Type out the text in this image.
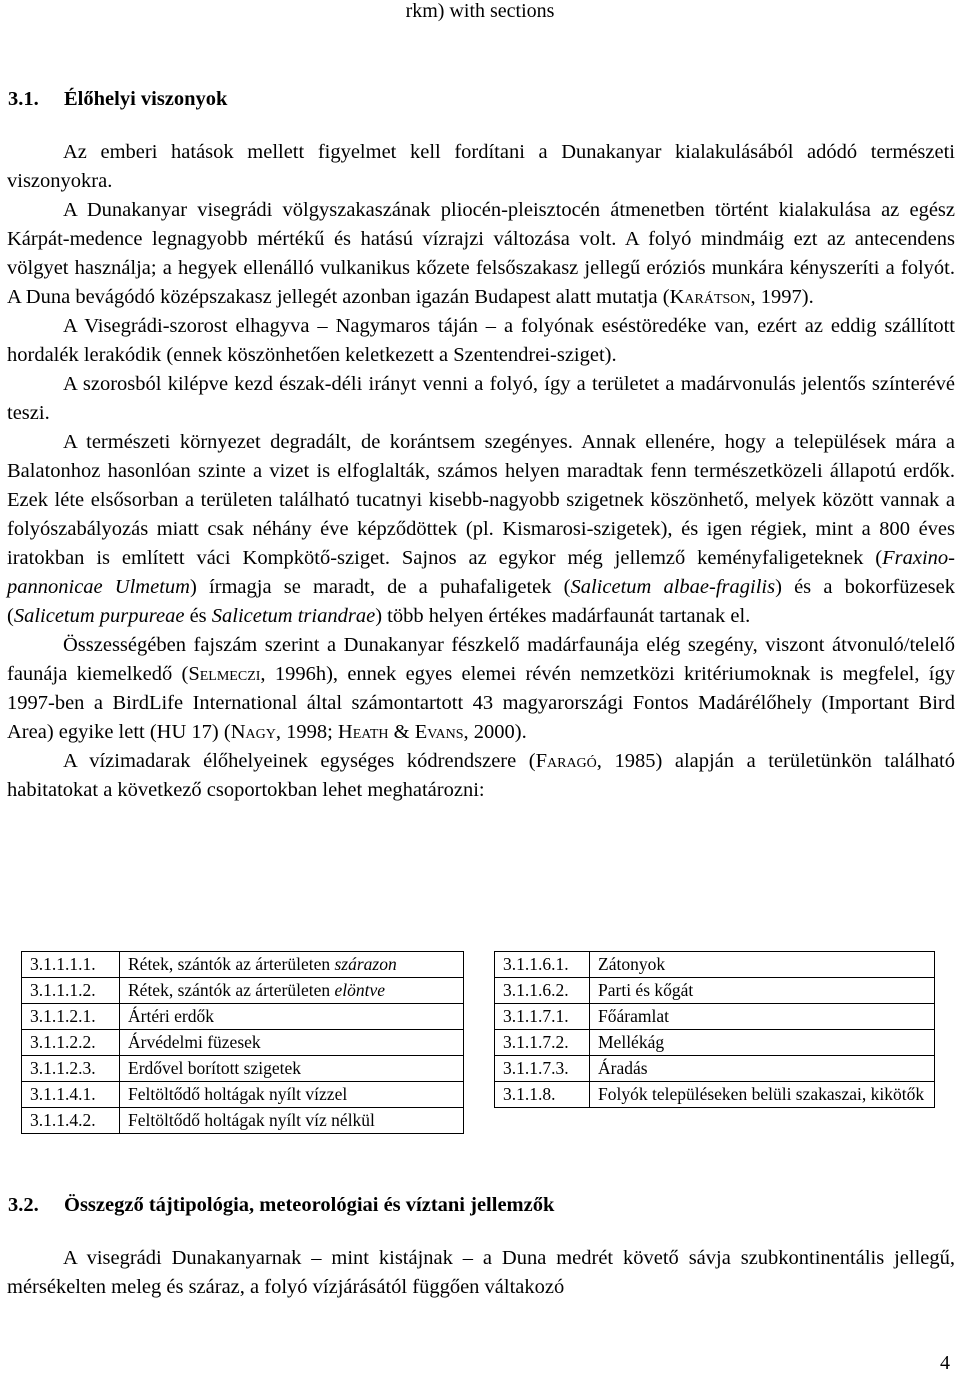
rkm) with sections
3.1. Élőhelyi viszonyok

Az emberi hatások mellett figyelmet kell fordítani a Dunakanyar kialakulásából adódó természeti viszonyokra.

A Dunakanyar visegrádi völgyszakaszának pliocén-pleisztocén átmenetben történt kialakulása az egész Kárpát-medence legnagyobb mértékű és hatású vízrajzi változása volt. A folyó mindmáig ezt az antecendens völgyet használja; a hegyek ellenálló vulkanikus kőzete felsőszakasz jellegű eróziós munkára kényszeríti a folyót. A Duna bevágódó középszakasz jellegét azonban igazán Budapest alatt mutatja (Karátson, 1997).

A Visegrádi-szorost elhagyva – Nagymaros táján – a folyónak eséstöredéke van, ezért az eddig szállított hordalék lerakódik (ennek köszönhetően keletkezett a Szentendrei-sziget).

A szorosból kilépve kezd észak-déli irányt venni a folyó, így a területet a madárvonulás jelentős színterévé teszi.

A természeti környezet degradált, de korántsem szegényes. Annak ellenére, hogy a települések mára a Balatonhoz hasonlóan szinte a vizet is elfoglalták, számos helyen maradtak fenn természetközeli állapotú erdők. Ezek léte elsősorban a területen található tucatnyi kisebb-nagyobb szigetnek köszönhető, melyek között vannak a folyószabályozás miatt csak néhány éve képződöttek (pl. Kismarosi-szigetek), és igen régiek, mint a 800 éves iratokban is említett váci Kompkötő-sziget. Sajnos az egykor még jellemző keményfaligeteknek (Fraxino-pannonicae Ulmetum) írmagja se maradt, de a puhafaligetek (Salicetum albae-fragilis) és a bokorfüzesek (Salicetum purpureae és Salicetum triandrae) több helyen értékes madárfaunát tartanak el.

Összességében fajszám szerint a Dunakanyar fészkelő madárfaunája elég szegény, viszont átvonuló/telelő faunája kiemelkedő (Selmeczi, 1996h), ennek egyes elemei révén nemzetközi kritériumoknak is megfelel, így 1997-ben a BirdLife International által számontartott 43 magyarországi Fontos Madárélőhely (Important Bird Area) egyike lett (HU 17) (Nagy, 1998; Heath & Evans, 2000).

A vízimadarak élőhelyeinek egységes kódrendszere (Faragó, 1985) alapján a területünkön található habitatokat a következő csoportokban lehet meghatározni:

3.1.1.1.1.	Rétek, szántók az árterületen szárazon
3.1.1.1.2.	Rétek, szántók az árterületen elöntve
3.1.1.2.1.	Ártéri erdők
3.1.1.2.2.	Árvédelmi füzesek
3.1.1.2.3.	Erdővel borított szigetek
3.1.1.4.1.	Feltöltődő holtágak nyílt vízzel
3.1.1.4.2.	Feltöltődő holtágak nyílt víz nélkül
3.1.1.6.1.	Zátonyok
3.1.1.6.2.	Parti és kőgát
3.1.1.7.1.	Főáramlat
3.1.1.7.2.	Mellékág
3.1.1.7.3.	Áradás
3.1.1.8.	Folyók településeken belüli szakaszai, kikötők
3.2. Összegző tájtipológia, meteorológiai és víztani jellemzők

A visegrádi Dunakanyarnak – mint kistájnak – a Duna medrét követő sávja szubkontinentális jellegű, mérsékelten meleg és száraz, a folyó vízjárásától függően váltakozó

4
